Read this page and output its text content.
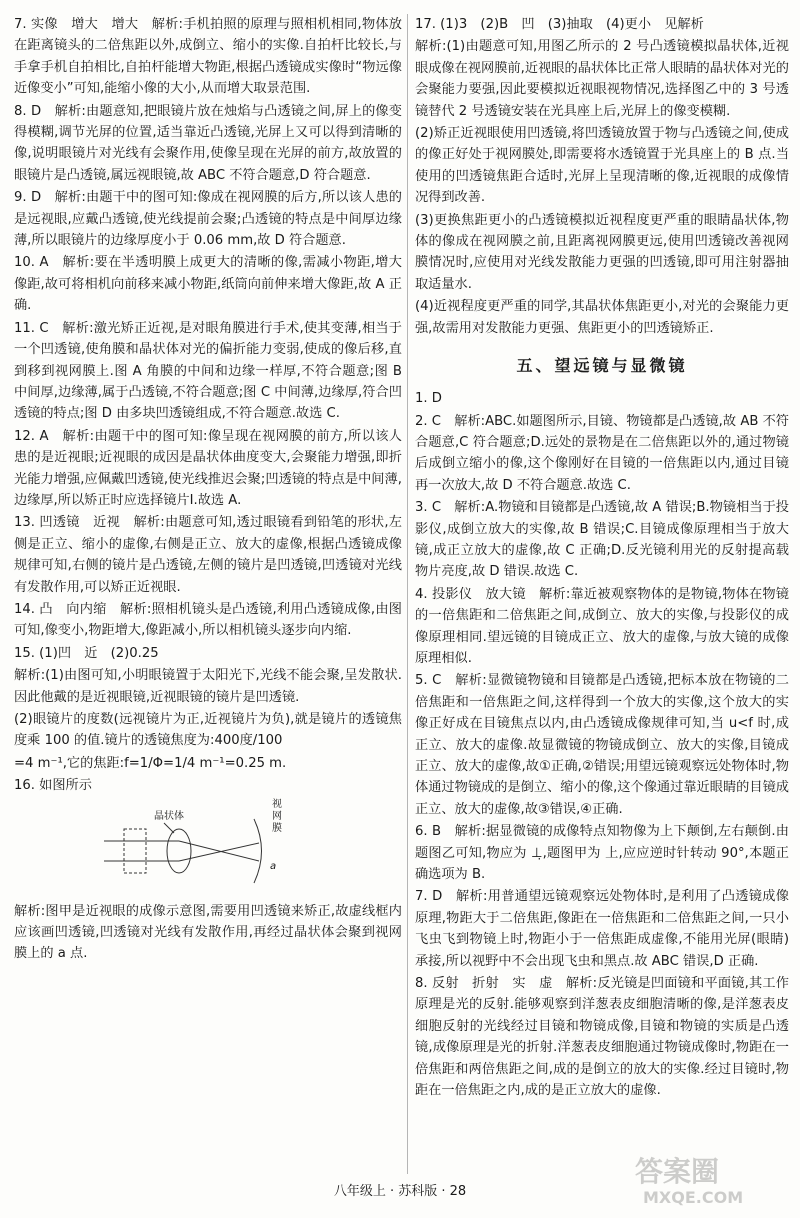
7. 实像　增大　增大　解析:手机拍照的原理与照相机相同,物体放在距离镜头的二倍焦距以外,成倒立、缩小的实像.自拍杆比较长,与手拿手机自拍相比,自拍杆能增大物距,根据凸透镜成实像时“物远像近像变小”可知,能缩小像的大小,从而增大取景范围.
8. D　解析:由题意知,把眼镜片放在烛焰与凸透镜之间,屏上的像变得模糊,调节光屏的位置,适当靠近凸透镜,光屏上又可以得到清晰的像,说明眼镜片对光线有会聚作用,使像呈现在光屏的前方,故放置的眼镜片是凸透镜,属远视眼镜,故 ABC 不符合题意,D 符合题意.
9. D　解析:由题干中的图可知:像成在视网膜的后方,所以该人患的是远视眼,应戴凸透镜,使光线提前会聚;凸透镜的特点是中间厚边缘薄,所以眼镜片的边缘厚度小于 0.06 mm,故 D 符合题意.
10. A　解析:要在半透明膜上成更大的清晰的像,需减小物距,增大像距,故可将相机向前移来减小物距,纸筒向前伸来增大像距,故 A 正确.
11. C　解析:激光矫正近视,是对眼角膜进行手术,使其变薄,相当于一个凹透镜,使角膜和晶状体对光的偏折能力变弱,使成的像后移,直到移到视网膜上.图 A 角膜的中间和边缘一样厚,不符合题意;图 B 中间厚,边缘薄,属于凸透镜,不符合题意;图 C 中间薄,边缘厚,符合凹透镜的特点;图 D 由多块凹透镜组成,不符合题意.故选 C.
12. A　解析:由题干中的图可知:像呈现在视网膜的前方,所以该人患的是近视眼;近视眼的成因是晶状体曲度变大,会聚能力增强,即折光能力增强,应佩戴凹透镜,使光线推迟会聚;凹透镜的特点是中间薄,边缘厚,所以矫正时应选择镜片Ⅰ.故选 A.
13. 凹透镜　近视　解析:由题意可知,透过眼镜看到铅笔的形状,左侧是正立、缩小的虚像,右侧是正立、放大的虚像,根据凸透镜成像规律可知,右侧的镜片是凸透镜,左侧的镜片是凹透镜,凹透镜对光线有发散作用,可以矫正近视眼.
14. 凸　向内缩　解析:照相机镜头是凸透镜,利用凸透镜成像,由图可知,像变小,物距增大,像距减小,所以相机镜头逐步向内缩.
15. (1)凹　近　(2)0.25
解析:(1)由图可知,小明眼镜置于太阳光下,光线不能会聚,呈发散状.因此他戴的是近视眼镜,近视眼镜的镜片是凹透镜.
(2)眼镜片的度数(远视镜片为正,近视镜片为负),就是镜片的透镜焦度乘 100 的值.镜片的透镜焦度为:400度/100
=4 m⁻¹,它的焦距:f=1/Φ=1/4 m⁻¹=0.25 m.
16. 如图所示
晶状体
视网膜
a
解析:图甲是近视眼的成像示意图,需要用凹透镜来矫正,故虚线框内应该画凹透镜,凹透镜对光线有发散作用,再经过晶状体会聚到视网膜上的 a 点.
17. (1)3　(2)B　凹　(3)抽取　(4)更小　见解析
解析:(1)由题意可知,用图乙所示的 2 号凸透镜模拟晶状体,近视眼成像在视网膜前,近视眼的晶状体比正常人眼睛的晶状体对光的会聚能力要强,因此要模拟近视眼视物情况,选择图乙中的 3 号透镜替代 2 号透镜安装在光具座上后,光屏上的像变模糊.
(2)矫正近视眼使用凹透镜,将凹透镜放置于物与凸透镜之间,使成的像正好处于视网膜处,即需要将水透镜置于光具座上的 B 点.当使用的凹透镜焦距合适时,光屏上呈现清晰的像,近视眼的成像情况得到改善.
(3)更换焦距更小的凸透镜模拟近视程度更严重的眼睛晶状体,物体的像成在视网膜之前,且距离视网膜更远,使用凹透镜改善视网膜情况时,应使用对光线发散能力更强的凹透镜,即可用注射器抽取适量水.
(4)近视程度更严重的同学,其晶状体焦距更小,对光的会聚能力更强,故需用对发散能力更强、焦距更小的凹透镜矫正.
五、望远镜与显微镜
1. D
2. C　解析:ABC.如题图所示,目镜、物镜都是凸透镜,故 AB 不符合题意,C 符合题意;D.远处的景物是在二倍焦距以外的,通过物镜后成倒立缩小的像,这个像刚好在目镜的一倍焦距以内,通过目镜再一次放大,故 D 不符合题意.故选 C.
3. C　解析:A.物镜和目镜都是凸透镜,故 A 错误;B.物镜相当于投影仪,成倒立放大的实像,故 B 错误;C.目镜成像原理相当于放大镜,成正立放大的虚像,故 C 正确;D.反光镜利用光的反射提高载物片亮度,故 D 错误.故选 C.
4. 投影仪　放大镜　解析:靠近被观察物体的是物镜,物体在物镜的一倍焦距和二倍焦距之间,成倒立、放大的实像,与投影仪的成像原理相同.望远镜的目镜成正立、放大的虚像,与放大镜的成像原理相似.
5. C　解析:显微镜物镜和目镜都是凸透镜,把标本放在物镜的二倍焦距和一倍焦距之间,这样得到一个放大的实像,这个放大的实像正好成在目镜焦点以内,由凸透镜成像规律可知,当 u<f 时,成正立、放大的虚像.故显微镜的物镜成倒立、放大的实像,目镜成正立、放大的虚像,故①正确,②错误;用望远镜观察远处物体时,物体通过物镜成的是倒立、缩小的像,这个像通过靠近眼睛的目镜成正立、放大的虚像,故③错误,④正确.
6. B　解析:据显微镜的成像特点知物像为上下颠倒,左右颠倒.由题图乙可知,物应为 ⊥̣,题图甲为 上,应应逆时针转动 90°,本题正确选项为 B.
7. D　解析:用普通望远镜观察远处物体时,是利用了凸透镜成像原理,物距大于二倍焦距,像距在一倍焦距和二倍焦距之间,一只小飞虫飞到物镜上时,物距小于一倍焦距成虚像,不能用光屏(眼睛)承接,所以视野中不会出现飞虫和黑点.故 ABC 错误,D 正确.
8. 反射　折射　实　虚　解析:反光镜是凹面镜和平面镜,其工作原理是光的反射.能够观察到洋葱表皮细胞清晰的像,是洋葱表皮细胞反射的光线经过目镜和物镜成像,目镜和物镜的实质是凸透镜,成像原理是光的折射.洋葱表皮细胞通过物镜成像时,物距在一倍焦距和两倍焦距之间,成的是倒立的放大的实像.经过目镜时,物距在一倍焦距之内,成的是正立放大的虚像.
八年级上 · 苏科版 · 28
答案圈
MXQE.COM
